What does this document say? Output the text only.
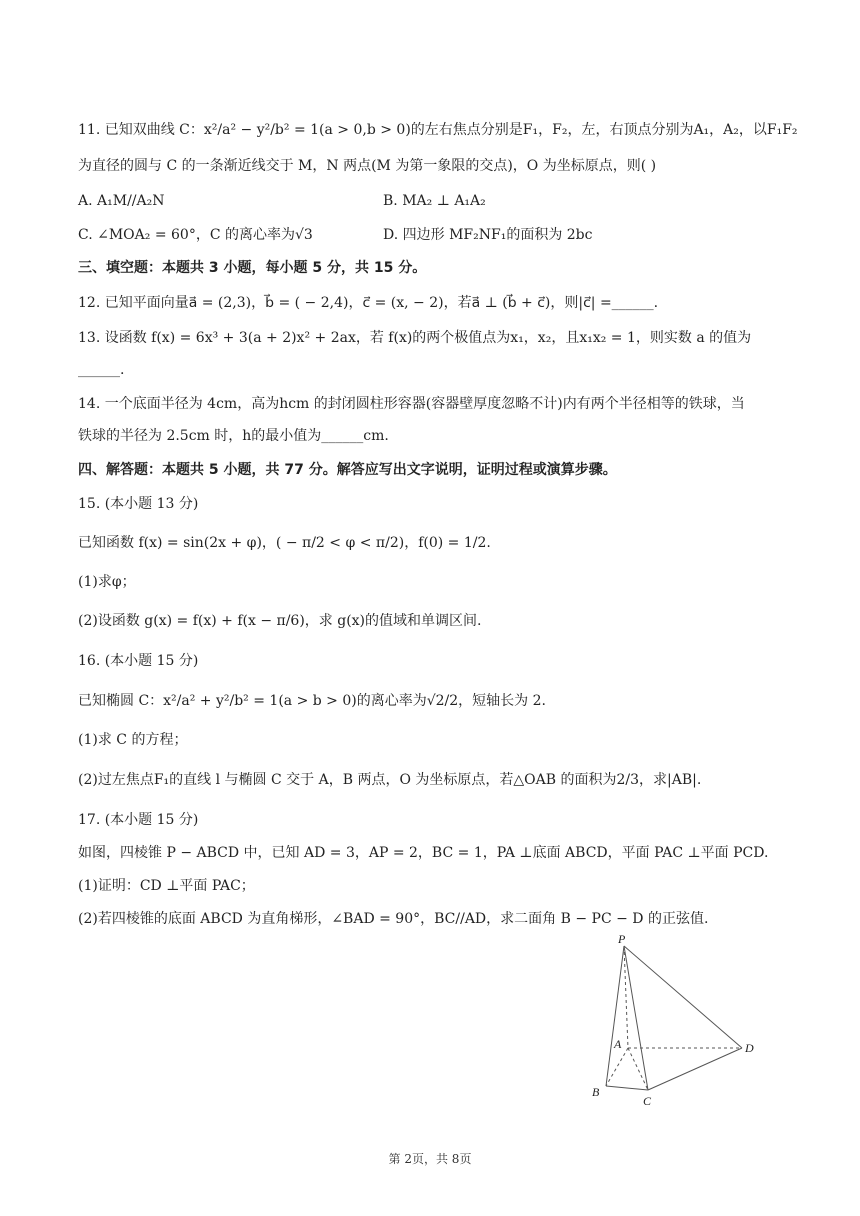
11. 已知双曲线 C：x²/a² − y²/b² = 1(a > 0,b > 0)的左右焦点分别是F₁，F₂，左，右顶点分别为A₁，A₂，以F₁F₂
为直径的圆与 C 的一条渐近线交于 M，N 两点(M 为第一象限的交点)，O 为坐标原点，则( )
A. A₁M//A₂N	B. MA₂ ⊥ A₁A₂
C. ∠MOA₂ = 60°，C 的离心率为√3	D. 四边形 MF₂NF₁的面积为 2bc
三、填空题：本题共 3 小题，每小题 5 分，共 15 分。
12. 已知平面向量a⃗ = (2,3)，b⃗ = ( − 2,4)，c⃗ = (x, − 2)，若a⃗ ⊥ (b⃗ + c⃗)，则|c⃗| =______.
13. 设函数 f(x) = 6x³ + 3(a + 2)x² + 2ax，若 f(x)的两个极值点为x₁，x₂，且x₁x₂ = 1，则实数 a 的值为
______.
14. 一个底面半径为 4cm，高为hcm 的封闭圆柱形容器(容器壁厚度忽略不计)内有两个半径相等的铁球，当
铁球的半径为 2.5cm 时，h的最小值为______cm.
四、解答题：本题共 5 小题，共 77 分。解答应写出文字说明，证明过程或演算步骤。
15. (本小题 13 分)
已知函数 f(x) = sin(2x + φ)，( − π/2 < φ < π/2)，f(0) = 1/2.
(1)求φ；
(2)设函数 g(x) = f(x) + f(x − π/6)，求 g(x)的值域和单调区间.
16. (本小题 15 分)
已知椭圆 C：x²/a² + y²/b² = 1(a > b > 0)的离心率为√2/2，短轴长为 2.
(1)求 C 的方程；
(2)过左焦点F₁的直线 l 与椭圆 C 交于 A，B 两点，O 为坐标原点，若△OAB 的面积为2/3，求|AB|.
17. (本小题 15 分)
如图，四棱锥 P − ABCD 中，已知 AD = 3，AP = 2，BC = 1，PA ⊥底面 ABCD，平面 PAC ⊥平面 PCD.
(1)证明：CD ⊥平面 PAC；
(2)若四棱锥的底面 ABCD 为直角梯形，∠BAD = 90°，BC//AD，求二面角 B − PC − D 的正弦值.
P
A
B
C
D
第 2页，共 8页
